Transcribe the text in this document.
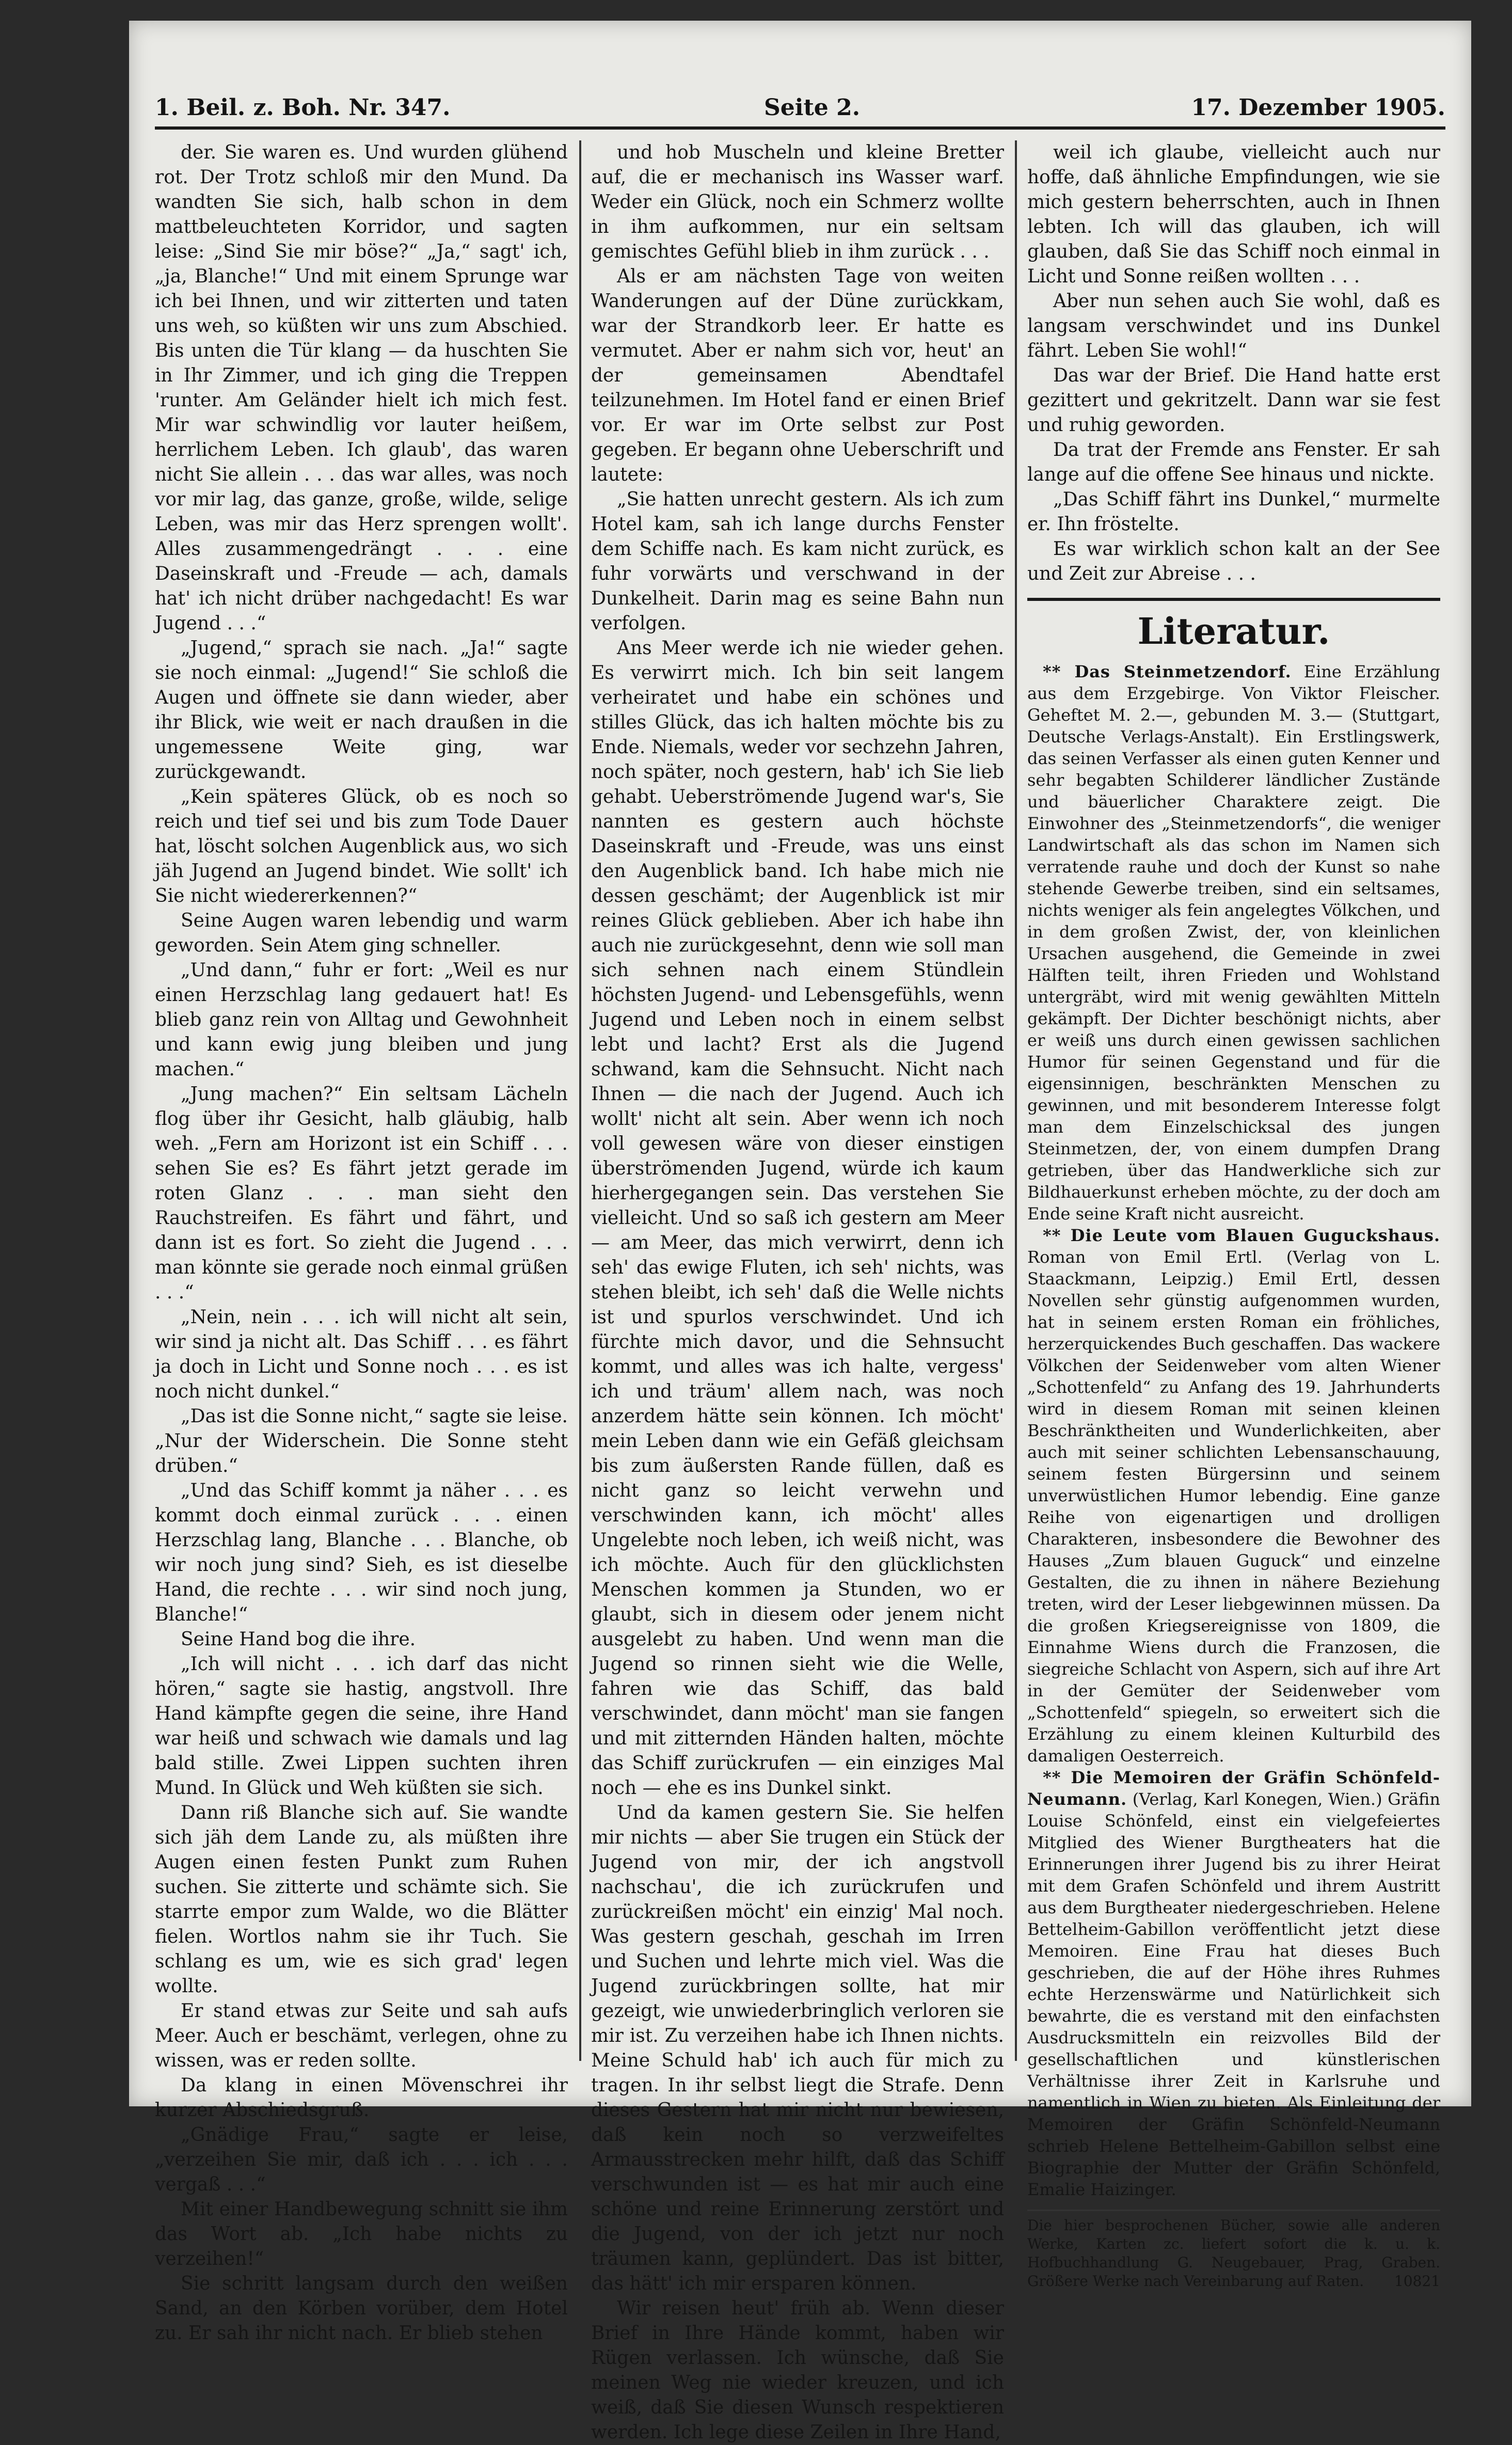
1. Beil. z. Boh. Nr. 347.	Seite 2.	17. Dezember 1905.

der. Sie waren es. Und wurden glühend rot. Der Trotz schloß mir den Mund. Da wandten Sie sich, halb schon in dem mattbeleuchteten Korridor, und sagten leise: „Sind Sie mir böse?“ „Ja,“ sagt' ich, „ja, Blanche!“ Und mit einem Sprunge war ich bei Ihnen, und wir zitterten und taten uns weh, so küßten wir uns zum Abschied. Bis unten die Tür klang — da huschten Sie in Ihr Zimmer, und ich ging die Treppen 'runter. Am Geländer hielt ich mich fest. Mir war schwindlig vor lauter heißem, herrlichem Leben. Ich glaub', das waren nicht Sie allein . . . das war alles, was noch vor mir lag, das ganze, große, wilde, selige Leben, was mir das Herz sprengen wollt'. Alles zusammengedrängt . . . eine Daseinskraft und -Freude — ach, damals hat' ich nicht drüber nachgedacht! Es war Jugend . . .“

„Jugend,“ sprach sie nach. „Ja!“ sagte sie noch einmal: „Jugend!“ Sie schloß die Augen und öffnete sie dann wieder, aber ihr Blick, wie weit er nach draußen in die ungemessene Weite ging, war zurückgewandt.

„Kein späteres Glück, ob es noch so reich und tief sei und bis zum Tode Dauer hat, löscht solchen Augenblick aus, wo sich jäh Jugend an Jugend bindet. Wie sollt' ich Sie nicht wiedererkennen?“

Seine Augen waren lebendig und warm geworden. Sein Atem ging schneller.

„Und dann,“ fuhr er fort: „Weil es nur einen Herzschlag lang gedauert hat! Es blieb ganz rein von Alltag und Gewohnheit und kann ewig jung bleiben und jung machen.“

„Jung machen?“ Ein seltsam Lächeln flog über ihr Gesicht, halb gläubig, halb weh. „Fern am Horizont ist ein Schiff . . . sehen Sie es? Es fährt jetzt gerade im roten Glanz . . . man sieht den Rauchstreifen. Es fährt und fährt, und dann ist es fort. So zieht die Jugend . . . man könnte sie gerade noch einmal grüßen . . .“

„Nein, nein . . . ich will nicht alt sein, wir sind ja nicht alt. Das Schiff . . . es fährt ja doch in Licht und Sonne noch . . . es ist noch nicht dunkel.“

„Das ist die Sonne nicht,“ sagte sie leise. „Nur der Widerschein. Die Sonne steht drüben.“

„Und das Schiff kommt ja näher . . . es kommt doch einmal zurück . . . einen Herzschlag lang, Blanche . . . Blanche, ob wir noch jung sind? Sieh, es ist dieselbe Hand, die rechte . . . wir sind noch jung, Blanche!“

Seine Hand bog die ihre.

„Ich will nicht . . . ich darf das nicht hören,“ sagte sie hastig, angstvoll. Ihre Hand kämpfte gegen die seine, ihre Hand war heiß und schwach wie damals und lag bald stille. Zwei Lippen suchten ihren Mund. In Glück und Weh küßten sie sich.

Dann riß Blanche sich auf. Sie wandte sich jäh dem Lande zu, als müßten ihre Augen einen festen Punkt zum Ruhen suchen. Sie zitterte und schämte sich. Sie starrte empor zum Walde, wo die Blätter fielen. Wortlos nahm sie ihr Tuch. Sie schlang es um, wie es sich grad' legen wollte.

Er stand etwas zur Seite und sah aufs Meer. Auch er beschämt, verlegen, ohne zu wissen, was er reden sollte.

Da klang in einen Mövenschrei ihr kurzer Abschiedsgruß.

„Gnädige Frau,“ sagte er leise, „verzeihen Sie mir, daß ich . . . ich . . . vergaß . . .“

Mit einer Handbewegung schnitt sie ihm das Wort ab. „Ich habe nichts zu verzeihen!“

Sie schritt langsam durch den weißen Sand, an den Körben vorüber, dem Hotel zu. Er sah ihr nicht nach. Er blieb stehen

und hob Muscheln und kleine Bretter auf, die er mechanisch ins Wasser warf. Weder ein Glück, noch ein Schmerz wollte in ihm aufkommen, nur ein seltsam gemischtes Gefühl blieb in ihm zurück . . .

Als er am nächsten Tage von weiten Wanderungen auf der Düne zurückkam, war der Strandkorb leer. Er hatte es vermutet. Aber er nahm sich vor, heut' an der gemeinsamen Abendtafel teilzunehmen. Im Hotel fand er einen Brief vor. Er war im Orte selbst zur Post gegeben. Er begann ohne Ueberschrift und lautete:

„Sie hatten unrecht gestern. Als ich zum Hotel kam, sah ich lange durchs Fenster dem Schiffe nach. Es kam nicht zurück, es fuhr vorwärts und verschwand in der Dunkelheit. Darin mag es seine Bahn nun verfolgen.

Ans Meer werde ich nie wieder gehen. Es verwirrt mich. Ich bin seit langem verheiratet und habe ein schönes und stilles Glück, das ich halten möchte bis zu Ende. Niemals, weder vor sechzehn Jahren, noch später, noch gestern, hab' ich Sie lieb gehabt. Ueberströmende Jugend war's, Sie nannten es gestern auch höchste Daseinskraft und -Freude, was uns einst den Augenblick band. Ich habe mich nie dessen geschämt; der Augenblick ist mir reines Glück geblieben. Aber ich habe ihn auch nie zurückgesehnt, denn wie soll man sich sehnen nach einem Stündlein höchsten Jugend- und Lebensgefühls, wenn Jugend und Leben noch in einem selbst lebt und lacht? Erst als die Jugend schwand, kam die Sehnsucht. Nicht nach Ihnen — die nach der Jugend. Auch ich wollt' nicht alt sein. Aber wenn ich noch voll gewesen wäre von dieser einstigen überströmenden Jugend, würde ich kaum hierhergegangen sein. Das verstehen Sie vielleicht. Und so saß ich gestern am Meer — am Meer, das mich verwirrt, denn ich seh' das ewige Fluten, ich seh' nichts, was stehen bleibt, ich seh' daß die Welle nichts ist und spurlos verschwindet. Und ich fürchte mich davor, und die Sehnsucht kommt, und alles was ich halte, vergess' ich und träum' allem nach, was noch anzerdem hätte sein können. Ich möcht' mein Leben dann wie ein Gefäß gleichsam bis zum äußersten Rande füllen, daß es nicht ganz so leicht verwehn und verschwinden kann, ich möcht' alles Ungelebte noch leben, ich weiß nicht, was ich möchte. Auch für den glücklichsten Menschen kommen ja Stunden, wo er glaubt, sich in diesem oder jenem nicht ausgelebt zu haben. Und wenn man die Jugend so rinnen sieht wie die Welle, fahren wie das Schiff, das bald verschwindet, dann möcht' man sie fangen und mit zitternden Händen halten, möchte das Schiff zurückrufen — ein einziges Mal noch — ehe es ins Dunkel sinkt.

Und da kamen gestern Sie. Sie helfen mir nichts — aber Sie trugen ein Stück der Jugend von mir, der ich angstvoll nachschau', die ich zurückrufen und zurückreißen möcht' ein einzig' Mal noch. Was gestern geschah, geschah im Irren und Suchen und lehrte mich viel. Was die Jugend zurückbringen sollte, hat mir gezeigt, wie unwiederbringlich verloren sie mir ist. Zu verzeihen habe ich Ihnen nichts. Meine Schuld hab' ich auch für mich zu tragen. In ihr selbst liegt die Strafe. Denn dieses Gestern hat mir nicht nur bewiesen, daß kein noch so verzweifeltes Armausstrecken mehr hilft, daß das Schiff verschwunden ist — es hat mir auch eine schöne und reine Erinnerung zerstört und die Jugend, von der ich jetzt nur noch träumen kann, geplündert. Das ist bitter, das hätt' ich mir ersparen können.

Wir reisen heut' früh ab. Wenn dieser Brief in Ihre Hände kommt, haben wir Rügen verlassen. Ich wünsche, daß Sie meinen Weg nie wieder kreuzen, und ich weiß, daß Sie diesen Wunsch respektieren werden. Ich lege diese Zeilen in Ihre Hand,

weil ich glaube, vielleicht auch nur hoffe, daß ähnliche Empfindungen, wie sie mich gestern beherrschten, auch in Ihnen lebten. Ich will das glauben, ich will glauben, daß Sie das Schiff noch einmal in Licht und Sonne reißen wollten . . .

Aber nun sehen auch Sie wohl, daß es langsam verschwindet und ins Dunkel fährt. Leben Sie wohl!“

Das war der Brief. Die Hand hatte erst gezittert und gekritzelt. Dann war sie fest und ruhig geworden.

Da trat der Fremde ans Fenster. Er sah lange auf die offene See hinaus und nickte.

„Das Schiff fährt ins Dunkel,“ murmelte er. Ihn fröstelte.

Es war wirklich schon kalt an der See und Zeit zur Abreise . . .

Literatur.

** Das Steinmetzendorf. Eine Erzählung aus dem Erzgebirge. Von Viktor Fleischer. Geheftet M. 2.—, gebunden M. 3.— (Stuttgart, Deutsche Verlags-Anstalt). Ein Erstlingswerk, das seinen Verfasser als einen guten Kenner und sehr begabten Schilderer ländlicher Zustände und bäuerlicher Charaktere zeigt. Die Einwohner des „Steinmetzendorfs“, die weniger Landwirtschaft als das schon im Namen sich verratende rauhe und doch der Kunst so nahe stehende Gewerbe treiben, sind ein seltsames, nichts weniger als fein angelegtes Völkchen, und in dem großen Zwist, der, von kleinlichen Ursachen ausgehend, die Gemeinde in zwei Hälften teilt, ihren Frieden und Wohlstand untergräbt, wird mit wenig gewählten Mitteln gekämpft. Der Dichter beschönigt nichts, aber er weiß uns durch einen gewissen sachlichen Humor für seinen Gegenstand und für die eigensinnigen, beschränkten Menschen zu gewinnen, und mit besonderem Interesse folgt man dem Einzelschicksal des jungen Steinmetzen, der, von einem dumpfen Drang getrieben, über das Handwerkliche sich zur Bildhauerkunst erheben möchte, zu der doch am Ende seine Kraft nicht ausreicht.

** Die Leute vom Blauen Guguckshaus. Roman von Emil Ertl. (Verlag von L. Staackmann, Leipzig.) Emil Ertl, dessen Novellen sehr günstig aufgenommen wurden, hat in seinem ersten Roman ein fröhliches, herzerquickendes Buch geschaffen. Das wackere Völkchen der Seidenweber vom alten Wiener „Schottenfeld“ zu Anfang des 19. Jahrhunderts wird in diesem Roman mit seinen kleinen Beschränktheiten und Wunderlichkeiten, aber auch mit seiner schlichten Lebensanschauung, seinem festen Bürgersinn und seinem unverwüstlichen Humor lebendig. Eine ganze Reihe von eigenartigen und drolligen Charakteren, insbesondere die Bewohner des Hauses „Zum blauen Guguck“ und einzelne Gestalten, die zu ihnen in nähere Beziehung treten, wird der Leser liebgewinnen müssen. Da die großen Kriegsereignisse von 1809, die Einnahme Wiens durch die Franzosen, die siegreiche Schlacht von Aspern, sich auf ihre Art in der Gemüter der Seidenweber vom „Schottenfeld“ spiegeln, so erweitert sich die Erzählung zu einem kleinen Kulturbild des damaligen Oesterreich.

** Die Memoiren der Gräfin Schönfeld-Neumann. (Verlag, Karl Konegen, Wien.) Gräfin Louise Schönfeld, einst ein vielgefeiertes Mitglied des Wiener Burgtheaters hat die Erinnerungen ihrer Jugend bis zu ihrer Heirat mit dem Grafen Schönfeld und ihrem Austritt aus dem Burgtheater niedergeschrieben. Helene Bettelheim-Gabillon veröffentlicht jetzt diese Memoiren. Eine Frau hat dieses Buch geschrieben, die auf der Höhe ihres Ruhmes echte Herzenswärme und Natürlichkeit sich bewahrte, die es verstand mit den einfachsten Ausdrucksmitteln ein reizvolles Bild der gesellschaftlichen und künstlerischen Verhältnisse ihrer Zeit in Karlsruhe und namentlich in Wien zu bieten. Als Einleitung der Memoiren der Gräfin Schönfeld-Neumann schrieb Helene Bettelheim-Gabillon selbst eine Biographie der Mutter der Gräfin Schönfeld, Emalie Haizinger.

Die hier besprochenen Bücher, sowie alle anderen Werke, Karten zc. liefert sofort die k. u. k. Hofbuchhandlung G. Neugebauer, Prag, Graben. Größere Werke nach Vereinbarung auf Raten. 10821
